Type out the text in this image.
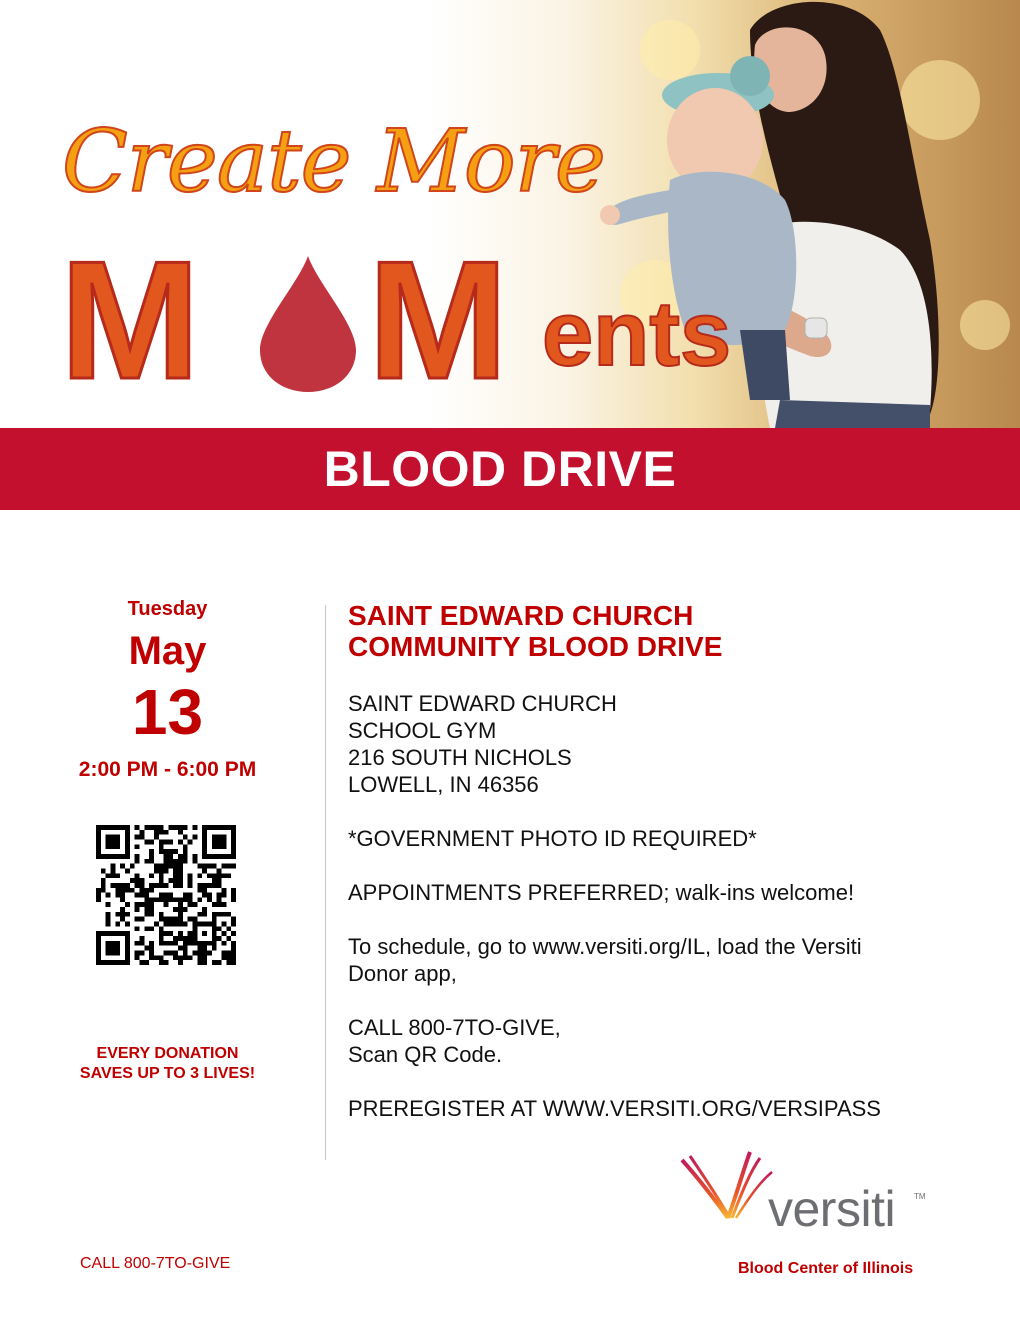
Create More
M M ents
BLOOD DRIVE
Tuesday
May
13
2:00 PM - 6:00 PM
EVERY DONATION
SAVES UP TO 3 LIVES!
SAINT EDWARD CHURCH
COMMUNITY BLOOD DRIVE
SAINT EDWARD CHURCH
SCHOOL GYM
216 SOUTH NICHOLS
LOWELL, IN 46356
*GOVERNMENT PHOTO ID REQUIRED*
APPOINTMENTS PREFERRED; walk-ins welcome!
To schedule, go to www.versiti.org/IL, load the Versiti
Donor app,
CALL 800-7TO-GIVE,
Scan QR Code.
PREREGISTER AT WWW.VERSITI.ORG/VERSIPASS
versiti TM
Blood Center of Illinois
CALL 800-7TO-GIVE
